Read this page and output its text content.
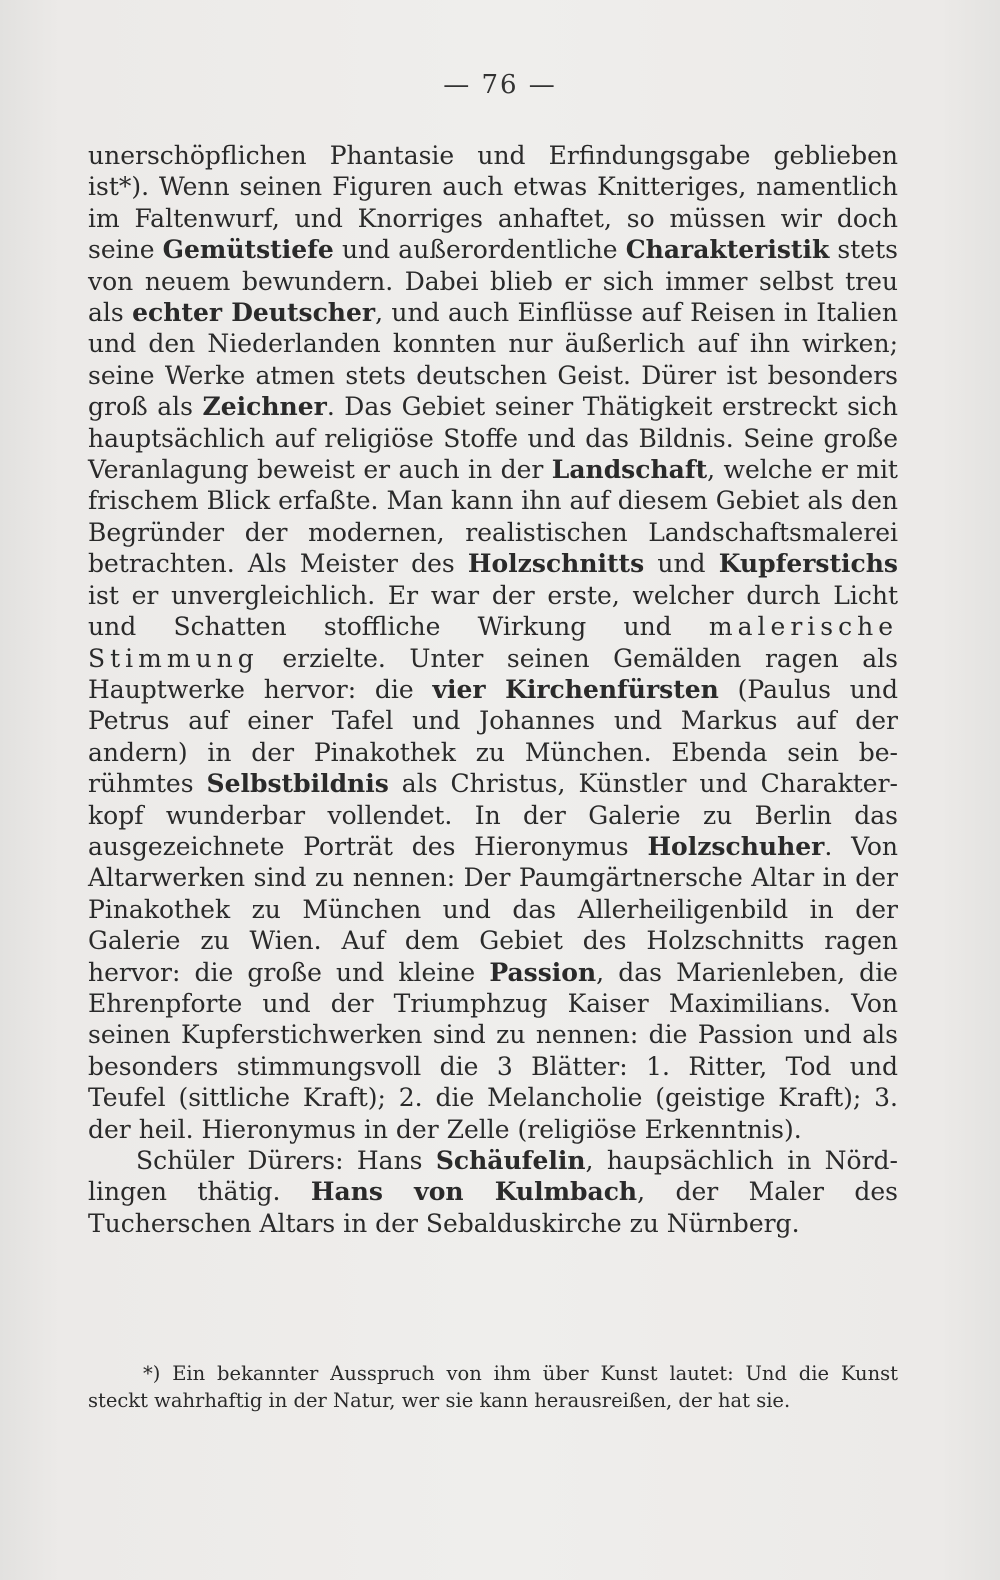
— 76 —

unerschöpflichen Phantasie und Erfindungsgabe geblieben ist*). Wenn seinen Figuren auch etwas Knitteriges, namentlich im Faltenwurf, und Knorriges anhaftet, so müssen wir doch seine Gemütstiefe und außerordentliche Charakteristik stets von neuem bewundern. Dabei blieb er sich immer selbst treu als echter Deutscher, und auch Einflüsse auf Reisen in Italien und den Niederlanden konnten nur äußerlich auf ihn wirken; seine Werke atmen stets deutschen Geist. Dürer ist besonders groß als Zeichner. Das Gebiet seiner Thätigkeit erstreckt sich hauptsächlich auf religiöse Stoffe und das Bildnis. Seine große Veranlagung beweist er auch in der Landschaft, welche er mit frischem Blick erfaßte. Man kann ihn auf diesem Gebiet als den Begründer der modernen, realistischen Landschaftsmalerei betrachten. Als Meister des Holzschnitts und Kupferstichs ist er unvergleichlich. Er war der erste, welcher durch Licht und Schatten stoffliche Wirkung und malerische Stimmung erzielte. Unter seinen Gemälden ragen als Hauptwerke hervor: die vier Kirchenfürsten (Paulus und Petrus auf einer Tafel und Johannes und Markus auf der andern) in der Pinakothek zu München. Ebenda sein berühmtes Selbstbildnis als Christus, Künstler und Charakterkopf wunderbar vollendet. In der Galerie zu Berlin das ausgezeichnete Porträt des Hieronymus Holzschuher. Von Altarwerken sind zu nennen: Der Paumgärtnersche Altar in der Pinakothek zu München und das Allerheiligenbild in der Galerie zu Wien. Auf dem Gebiet des Holzschnitts ragen hervor: die große und kleine Passion, das Marienleben, die Ehrenpforte und der Triumphzug Kaiser Maximilians. Von seinen Kupferstichwerken sind zu nennen: die Passion und als besonders stimmungsvoll die 3 Blätter: 1. Ritter, Tod und Teufel (sittliche Kraft); 2. die Melancholie (geistige Kraft); 3. der heil. Hieronymus in der Zelle (religiöse Erkenntnis).

Schüler Dürers: Hans Schäufelin, haupsächlich in Nördlingen thätig. Hans von Kulmbach, der Maler des Tucherschen Altars in der Sebalduskirche zu Nürnberg.

*) Ein bekannter Ausspruch von ihm über Kunst lautet: Und die Kunst steckt wahrhaftig in der Natur, wer sie kann herausreißen, der hat sie.
